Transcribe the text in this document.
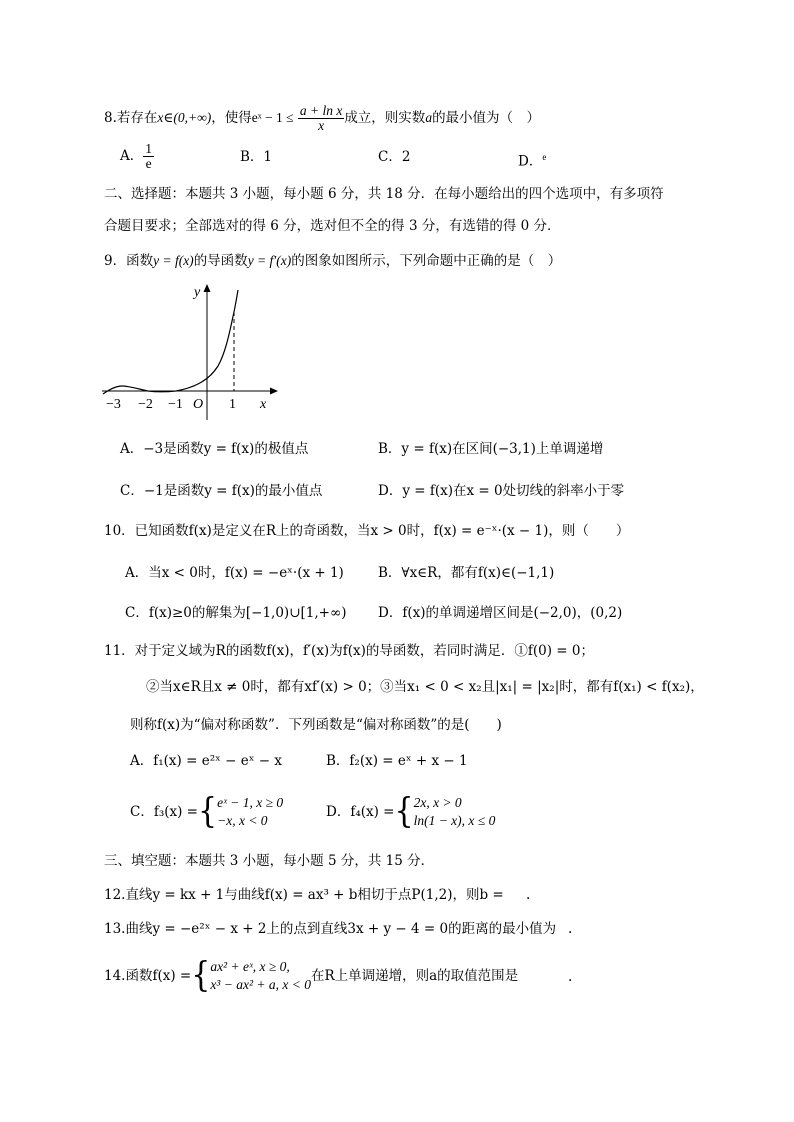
8.若存在x∈(0,+∞)，使得eˣ − $1 \le \frac{\text{a + ln x}}{x}$ 成立，则实数a的最小值为（　）
A． $\frac{1}{e}$	B．1	C．2	D．$^e$
二、选择题：本题共 3 小题，每小题 6 分，共 18 分．在每小题给出的四个选项中，有多项符
合题目要求；全部选对的得 6 分，选对但不全的得 3 分，有选错的得 0 分．
9．函数y = f(x)的导函数y = f′(x)的图象如图所示，下列命题中正确的是（　）
y
x
O
−3 −2 −1	1
A．−3是函数y = f(x)的极值点	B．y = f(x)在区间(−3,1)上单调递增
C．−1是函数y = f(x)的最小值点	D．y = f(x)在x = 0处切线的斜率小于零
10．已知函数f(x)是定义在R上的奇函数，当x > 0时，f(x) = e⁻ˣ·(x − 1)，则（　　）
A．当x < 0时，f(x) = −eˣ·(x + 1)	B．∀x∈R，都有f(x)∈(−1,1)
C．f(x)≥0的解集为[−1,0)∪[1,+∞) D．f(x)的单调递增区间是(−2,0)，(0,2)
11．对于定义域为R的函数f(x)，f′(x)为f(x)的导函数，若同时满足．①f(0) = 0；
②当x∈R且x ≠ 0时，都有xf′(x) > 0；③当x₁ < 0 < x₂且|x₁| = |x₂|时，都有f(x₁) < f(x₂)，
则称f(x)为“偏对称函数”．下列函数是“偏对称函数”的是(　　)
A．f₁(x) = e²ˣ − eˣ − x	B．f₂(x) = eˣ + x − 1
C．f₃(x) ={ eˣ − 1, x ≥ 0
−x, x < 0
D．f₄(x) ={ 2x, x > 0
ln(1 − x), x ≤ 0
三、填空题：本题共 3 小题，每小题 5 分，共 15 分．
12.直线y = kx + 1与曲线f(x) = ax³ + b相切于点P(1,2)，则b = .
13.曲线y = −e²ˣ − x + 2上的点到直线3x + y − 4 = 0的距离的最小值为 .
14.函数f(x) ={ ax² + eˣ, x ≥ 0,
x³ − ax² + a, x < 0
在R上单调递增，则a的取值范围是	.
